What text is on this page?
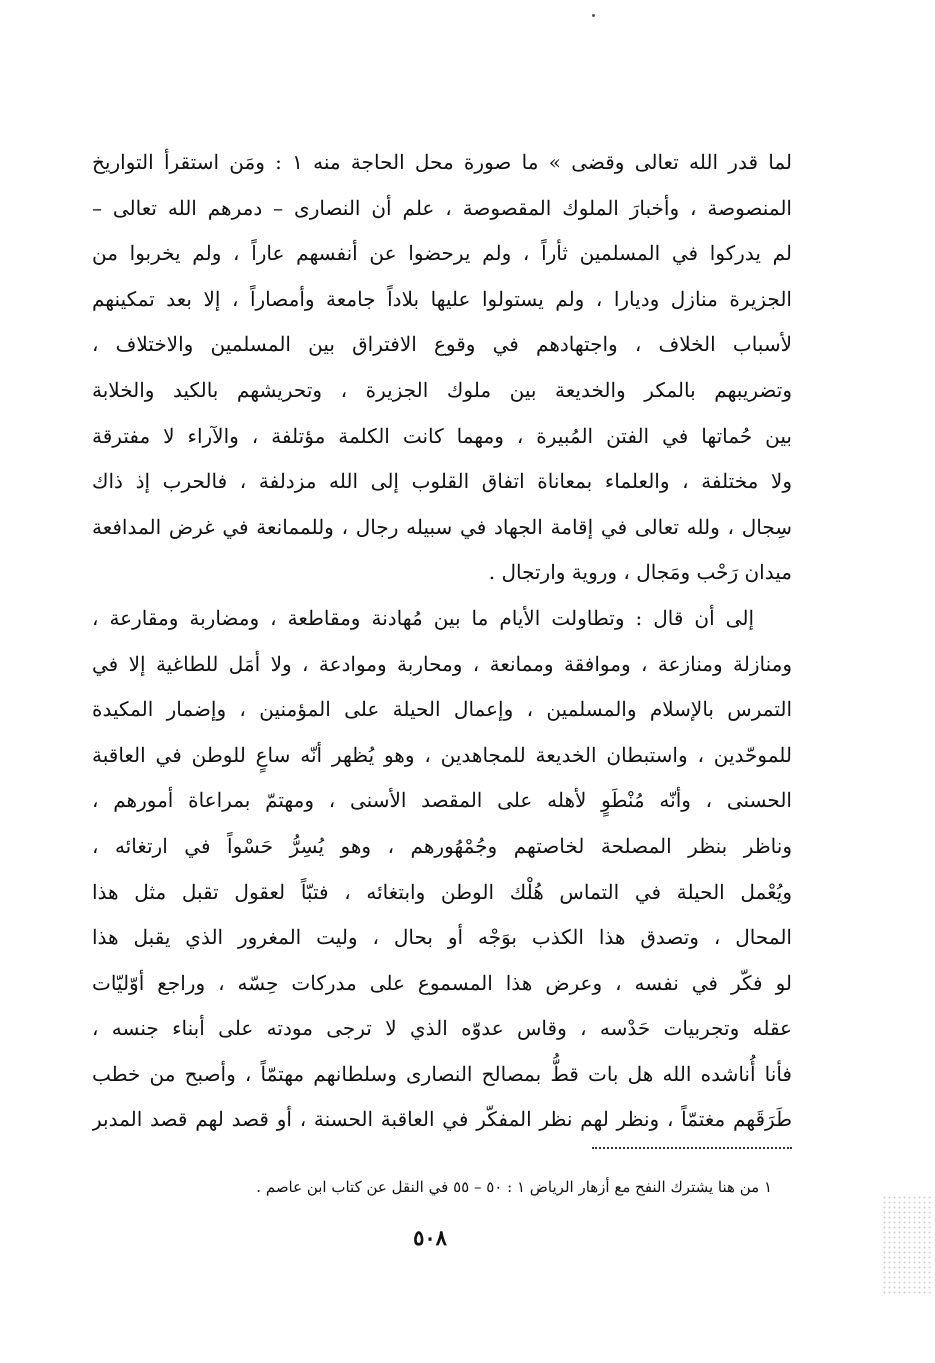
لما قدر الله تعالى وقضى » ما صورة محل الحاجة منه ١ : ومَن استقرأ التواريخ
المنصوصة ، وأخبارَ الملوك المقصوصة ، علم أن النصارى – دمرهم الله تعالى –
لم يدركوا في المسلمين ثأراً ، ولم يرحضوا عن أنفسهم عاراً ، ولم يخربوا من
الجزيرة منازل وديارا ، ولم يستولوا عليها بلاداً جامعة وأمصاراً ، إلا بعد تمكينهم
لأسباب الخلاف ، واجتهادهم في وقوع الافتراق بين المسلمين والاختلاف ،
وتضريبهم بالمكر والخديعة بين ملوك الجزيرة ، وتحريشهم بالكيد والخلابة
بين حُماتها في الفتن المُبيرة ، ومهما كانت الكلمة مؤتلفة ، والآراء لا مفترقة
ولا مختلفة ، والعلماء بمعاناة اتفاق القلوب إلى الله مزدلفة ، فالحرب إذ ذاك
سِجال ، ولله تعالى في إقامة الجهاد في سبيله رجال ، وللممانعة في غرض المدافعة
ميدان رَحْب ومَجال ، وروية وارتجال .
إلى أن قال : وتطاولت الأيام ما بين مُهادنة ومقاطعة ، ومضاربة ومقارعة ،
ومنازلة ومنازعة ، وموافقة وممانعة ، ومحاربة وموادعة ، ولا أمَل للطاغية إلا في
التمرس بالإسلام والمسلمين ، وإعمال الحيلة على المؤمنين ، وإضمار المكيدة
للموحّدين ، واستبطان الخديعة للمجاهدين ، وهو يُظهر أنّه ساعٍ للوطن في العاقبة
الحسنى ، وأنّه مُنْطَوٍ لأهله على المقصد الأسنى ، ومهتمّ بمراعاة أمورهم ،
وناظر بنظر المصلحة لخاصتهم وجُمْهُورهم ، وهو يُسِرُّ حَسْواً في ارتغائه ،
ويُعْمل الحيلة في التماس هُلْك الوطن وابتغائه ، فتبّاً لعقول تقبل مثل هذا
المحال ، وتصدق هذا الكذب بوَجْه أو بحال ، وليت المغرور الذي يقبل هذا
لو فكّر في نفسه ، وعرض هذا المسموع على مدركات حِسّه ، وراجع أوّليّات
عقله وتجربيات حَدْسه ، وقاس عدوّه الذي لا ترجى مودته على أبناء جنسه ،
فأنا أُناشده الله هل بات قطُّ بمصالح النصارى وسلطانهم مهتمّاً ، وأصبح من خطب
طَرَقَهم مغتمّاً ، ونظر لهم نظر المفكّر في العاقبة الحسنة ، أو قصد لهم قصد المدبر
١ من هنا يشترك النفح مع أزهار الرياض ١ : ٥٠ – ٥٥ في النقل عن كتاب ابن عاصم .
٥٠٨
